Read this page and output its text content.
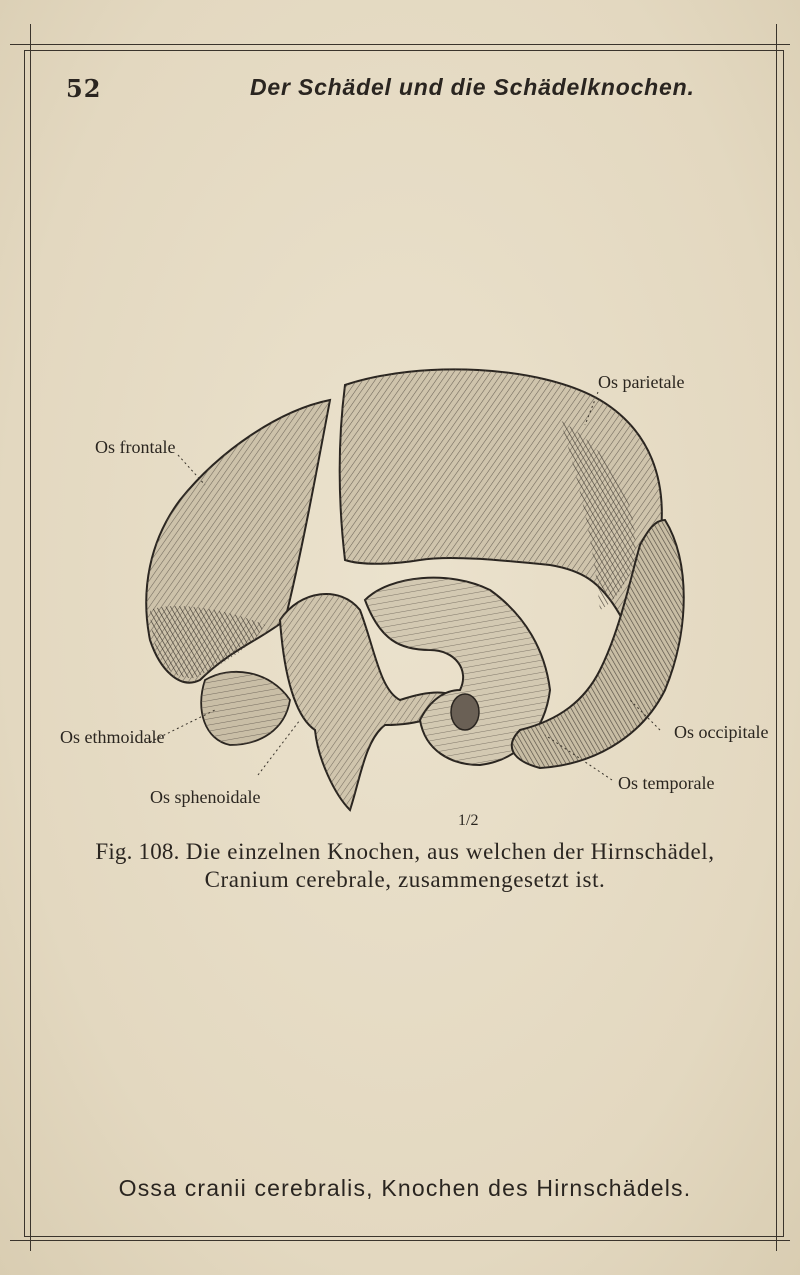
52	Der Schädel und die Schädelknochen.
Os parietale
Os frontale
Os ethmoidale	Os occipitale
Os temporale
Os sphenoidale
1/2
Fig. 108. Die einzelnen Knochen, aus welchen der Hirnschädel, Cranium cerebrale, zusammengesetzt ist.
Ossa cranii cerebralis, Knochen des Hirnschädels.
